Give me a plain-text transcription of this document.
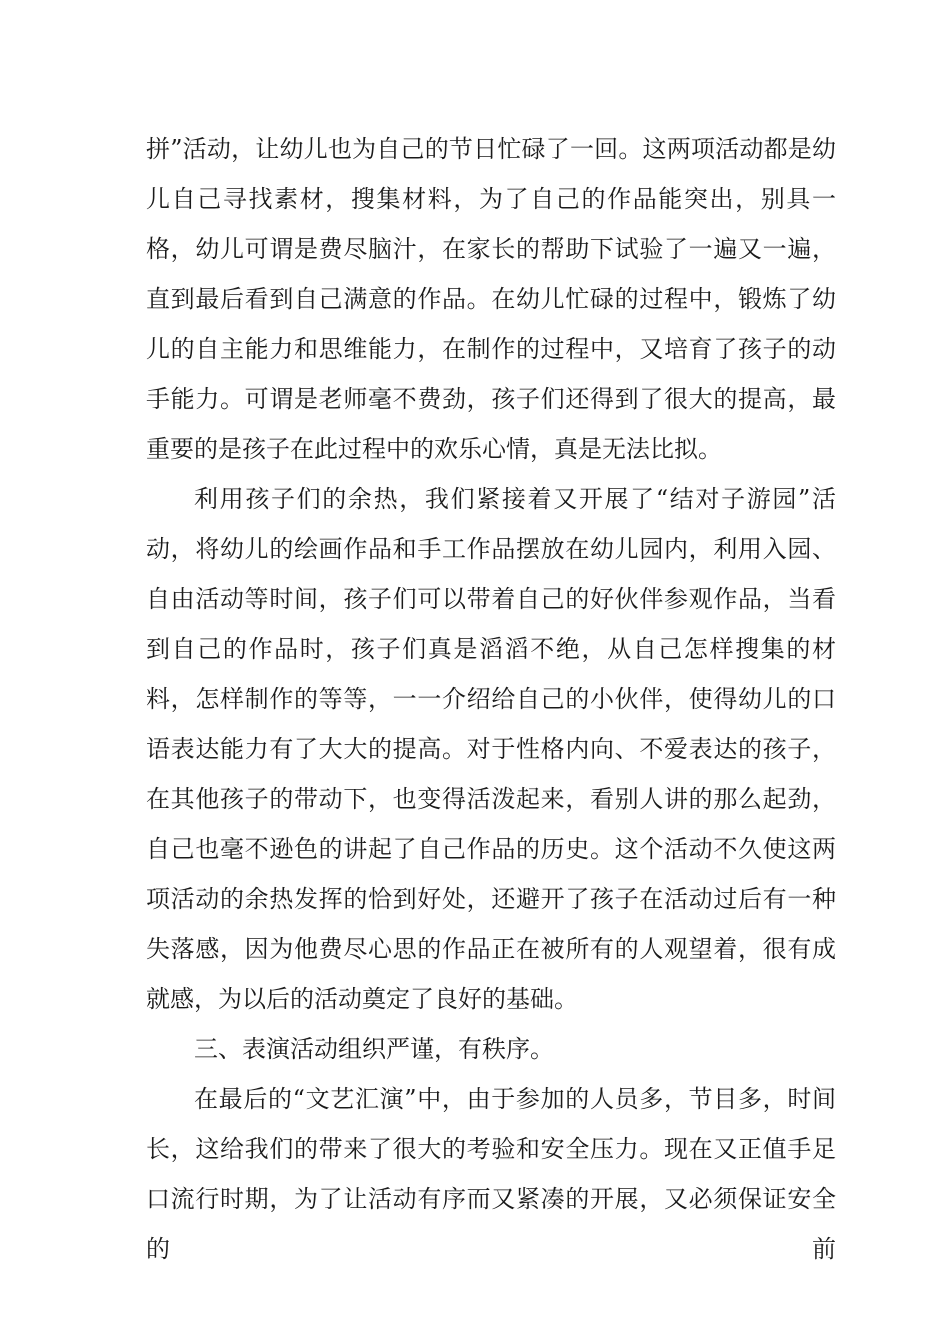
拼”活动，让幼儿也为自己的节日忙碌了一回。这两项活动都是幼儿自己寻找素材，搜集材料，为了自己的作品能突出，别具一格，幼儿可谓是费尽脑汁，在家长的帮助下试验了一遍又一遍，直到最后看到自己满意的作品。在幼儿忙碌的过程中，锻炼了幼儿的自主能力和思维能力，在制作的过程中，又培育了孩子的动手能力。可谓是老师毫不费劲，孩子们还得到了很大的提高，最重要的是孩子在此过程中的欢乐心情，真是无法比拟。

利用孩子们的余热，我们紧接着又开展了“结对子游园”活动，将幼儿的绘画作品和手工作品摆放在幼儿园内，利用入园、自由活动等时间，孩子们可以带着自己的好伙伴参观作品，当看到自己的作品时，孩子们真是滔滔不绝，从自己怎样搜集的材料，怎样制作的等等，一一介绍给自己的小伙伴，使得幼儿的口语表达能力有了大大的提高。对于性格内向、不爱表达的孩子，在其他孩子的带动下，也变得活泼起来，看别人讲的那么起劲，自己也毫不逊色的讲起了自己作品的历史。这个活动不久使这两项活动的余热发挥的恰到好处，还避开了孩子在活动过后有一种失落感，因为他费尽心思的作品正在被所有的人观望着，很有成就感，为以后的活动奠定了良好的基础。

三、表演活动组织严谨，有秩序。

在最后的“文艺汇演”中，由于参加的人员多，节目多，时间长，这给我们的带来了很大的考验和安全压力。现在又正值手足口流行时期，为了让活动有序而又紧凑的开展，又必须保证安全的前
